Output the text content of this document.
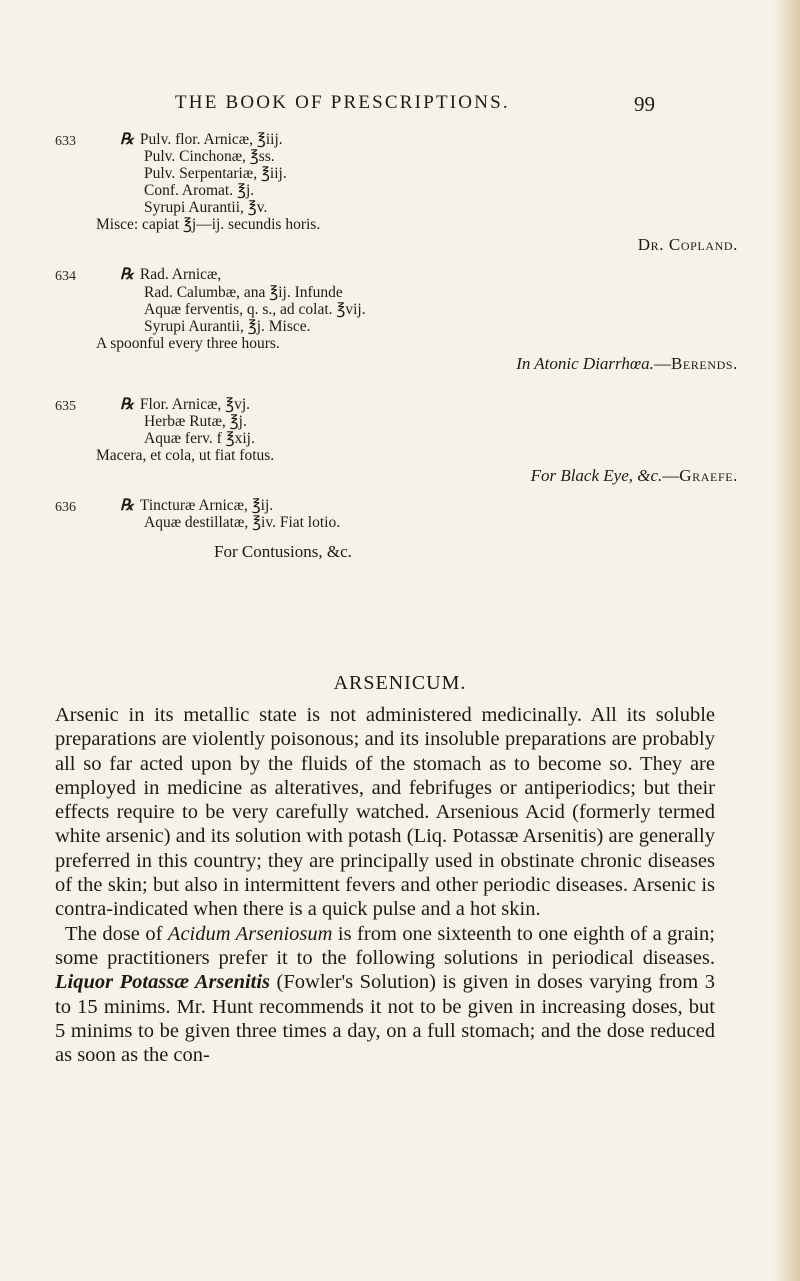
THE BOOK OF PRESCRIPTIONS.	99
633	℞ Pulv. flor. Arnicæ, ℥iij.
Pulv. Cinchonæ, ℥ss.
Pulv. Serpentariæ, ℥iij.
Conf. Aromat. ℥j.
Syrupi Aurantii, ℥v.
Misce: capiat ℥j—ij. secundis horis.
Dr. Copland.
634	℞ Rad. Arnicæ,
Rad. Calumbæ, ana ℥ij. Infunde
Aquæ ferventis, q. s., ad colat. ℥vij.
Syrupi Aurantii, ℥j. Misce.
A spoonful every three hours.
In Atonic Diarrhœa.—Berends.
635	℞ Flor. Arnicæ, ℥vj.
Herbæ Rutæ, ℥j.
Aquæ ferv. f ℥xij.
Macera, et cola, ut fiat fotus.
For Black Eye, &c.—Graefe.
636	℞ Tincturæ Arnicæ, ℥ij.
Aquæ destillatæ, ℥iv. Fiat lotio.
For Contusions, &c.
ARSENICUM.

Arsenic in its metallic state is not administered medicinally. All its soluble preparations are violently poisonous; and its insoluble preparations are probably all so far acted upon by the fluids of the stomach as to become so. They are employed in medicine as alteratives, and febrifuges or antiperiodics; but their effects require to be very carefully watched. Arsenious Acid (formerly termed white arsenic) and its solution with potash (Liq. Potassæ Arsenitis) are generally preferred in this country; they are principally used in obstinate chronic diseases of the skin; but also in intermittent fevers and other periodic diseases. Arsenic is contra-indicated when there is a quick pulse and a hot skin.

The dose of Acidum Arseniosum is from one sixteenth to one eighth of a grain; some practitioners prefer it to the following solutions in periodical diseases. Liquor Potassæ Arsenitis (Fowler's Solution) is given in doses varying from 3 to 15 minims. Mr. Hunt recommends it not to be given in increasing doses, but 5 minims to be given three times a day, on a full stomach; and the dose reduced as soon as the con-
